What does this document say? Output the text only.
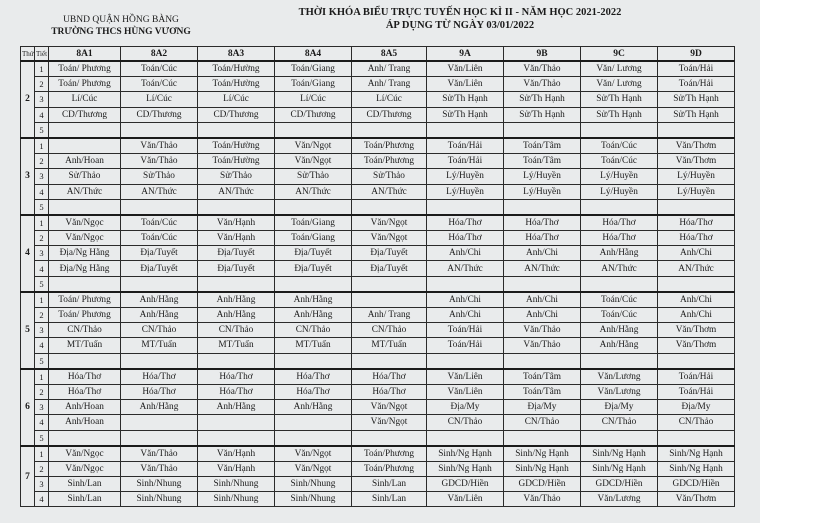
UBND QUẬN HỒNG BÀNG
TRƯỜNG THCS HÙNG VƯƠNG
THỜI KHÓA BIỂU TRỰC TUYẾN HỌC KÌ II - NĂM HỌC 2021-2022
ÁP DỤNG TỪ NGÀY 03/01/2022
Thứ	Tiết	8A1	8A2	8A3	8A4	8A5	9A	9B	9C	9D
2	1	Toán/ Phương	Toán/Cúc	Toán/Hường	Toán/Giang	Anh/ Trang	Văn/Liên	Văn/Thảo	Văn/ Lương	Toán/Hải
	2	Toán/ Phương	Toán/Cúc	Toán/Hường	Toán/Giang	Anh/ Trang	Văn/Liên	Văn/Thảo	Văn/ Lương	Toán/Hải
	3	Lí/Cúc	Lí/Cúc	Lí/Cúc	Lí/Cúc	Lí/Cúc	Sử/Th Hạnh	Sử/Th Hạnh	Sử/Th Hạnh	Sử/Th Hạnh
	4	CD/Thương	CD/Thương	CD/Thương	CD/Thương	CD/Thương	Sử/Th Hạnh	Sử/Th Hạnh	Sử/Th Hạnh	Sử/Th Hạnh
	5									
3	1		Văn/Thảo	Toán/Hường	Văn/Ngọt	Toán/Phương	Toán/Hải	Toán/Tâm	Toán/Cúc	Văn/Thơm
	2	Anh/Hoan	Văn/Thảo	Toán/Hường	Văn/Ngọt	Toán/Phương	Toán/Hải	Toán/Tâm	Toán/Cúc	Văn/Thơm
	3	Sử/Thảo	Sử/Thảo	Sử/Thảo	Sử/Thảo	Sử/Thảo	Lý/Huyền	Lý/Huyền	Lý/Huyền	Lý/Huyền
	4	AN/Thức	AN/Thức	AN/Thức	AN/Thức	AN/Thức	Lý/Huyền	Lý/Huyền	Lý/Huyền	Lý/Huyền
	5									
4	1	Văn/Ngọc	Toán/Cúc	Văn/Hạnh	Toán/Giang	Văn/Ngọt	Hóa/Thơ	Hóa/Thơ	Hóa/Thơ	Hóa/Thơ
	2	Văn/Ngọc	Toán/Cúc	Văn/Hạnh	Toán/Giang	Văn/Ngọt	Hóa/Thơ	Hóa/Thơ	Hóa/Thơ	Hóa/Thơ
	3	Địa/Ng Hằng	Địa/Tuyết	Địa/Tuyết	Địa/Tuyết	Địa/Tuyết	Anh/Chi	Anh/Chi	Anh/Hằng	Anh/Chi
	4	Địa/Ng Hằng	Địa/Tuyết	Địa/Tuyết	Địa/Tuyết	Địa/Tuyết	AN/Thức	AN/Thức	AN/Thức	AN/Thức
	5									
5	1	Toán/ Phương	Anh/Hằng	Anh/Hằng	Anh/Hằng		Anh/Chi	Anh/Chi	Toán/Cúc	Anh/Chi
	2	Toán/ Phương	Anh/Hằng	Anh/Hằng	Anh/Hằng	Anh/ Trang	Anh/Chi	Anh/Chi	Toán/Cúc	Anh/Chi
	3	CN/Thảo	CN/Thảo	CN/Thảo	CN/Thảo	CN/Thảo	Toán/Hải	Văn/Thảo	Anh/Hằng	Văn/Thơm
	4	MT/Tuấn	MT/Tuấn	MT/Tuấn	MT/Tuấn	MT/Tuấn	Toán/Hải	Văn/Thảo	Anh/Hằng	Văn/Thơm
	5									
6	1	Hóa/Thơ	Hóa/Thơ	Hóa/Thơ	Hóa/Thơ	Hóa/Thơ	Văn/Liên	Toán/Tâm	Văn/Lương	Toán/Hải
	2	Hóa/Thơ	Hóa/Thơ	Hóa/Thơ	Hóa/Thơ	Hóa/Thơ	Văn/Liên	Toán/Tâm	Văn/Lương	Toán/Hải
	3	Anh/Hoan	Anh/Hằng	Anh/Hằng	Anh/Hằng	Văn/Ngọt	Địa/My	Địa/My	Địa/My	Địa/My
	4	Anh/Hoan				Văn/Ngọt	CN/Thảo	CN/Thảo	CN/Thảo	CN/Thảo
	5									
7	1	Văn/Ngọc	Văn/Thảo	Văn/Hạnh	Văn/Ngọt	Toán/Phương	Sinh/Ng Hạnh	Sinh/Ng Hạnh	Sinh/Ng Hạnh	Sinh/Ng Hạnh
	2	Văn/Ngọc	Văn/Thảo	Văn/Hạnh	Văn/Ngọt	Toán/Phương	Sinh/Ng Hạnh	Sinh/Ng Hạnh	Sinh/Ng Hạnh	Sinh/Ng Hạnh
	3	Sinh/Lan	Sinh/Nhung	Sinh/Nhung	Sinh/Nhung	Sinh/Lan	GDCD/Hiền	GDCD/Hiền	GDCD/Hiền	GDCD/Hiền
	4	Sinh/Lan	Sinh/Nhung	Sinh/Nhung	Sinh/Nhung	Sinh/Lan	Văn/Liên	Văn/Thảo	Văn/Lương	Văn/Thơm
